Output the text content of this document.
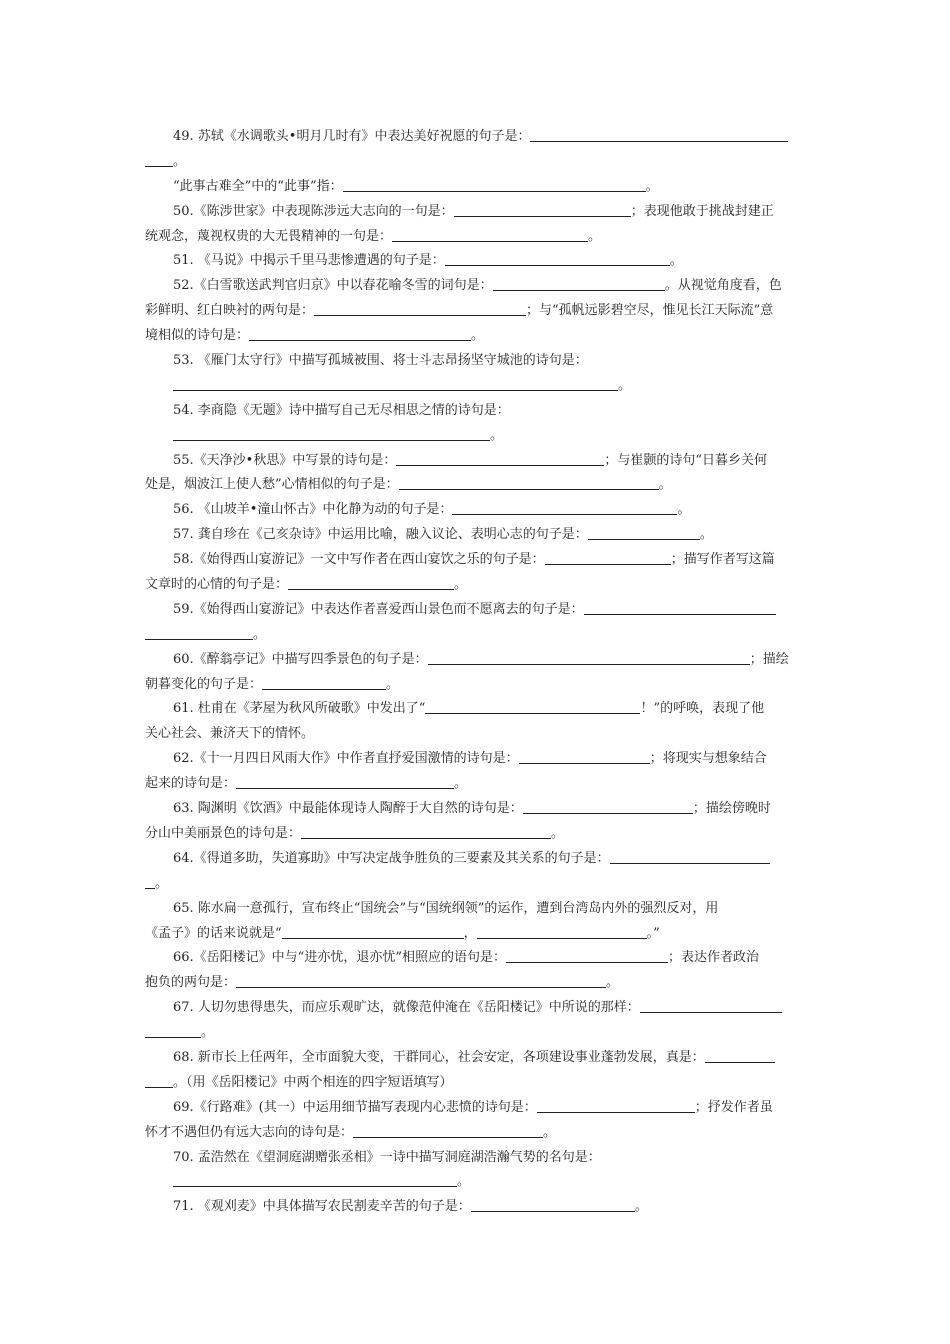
49. 苏轼《水调歌头•明月几时有》中表达美好祝愿的句子是：
。
“此事古难全”中的“此事”指：	。
50.《陈涉世家》中表现陈涉远大志向的一句是：	；表现他敢于挑战封建正
统观念，蔑视权贵的大无畏精神的一句是：	。
51. 《马说》中揭示千里马悲惨遭遇的句子是：	。
52.《白雪歌送武判官归京》中以春花喻冬雪的词句是：	。从视觉角度看，色
彩鲜明、红白映衬的两句是：	；与“孤帆远影碧空尽，惟见长江天际流”意
境相似的诗句是：	。
53. 《雁门太守行》中描写孤城被围、将士斗志昂扬坚守城池的诗句是：
。
54. 李商隐《无题》诗中描写自己无尽相思之情的诗句是：
。
55.《天净沙•秋思》中写景的诗句是：	；与崔颢的诗句“日暮乡关何
处是，烟波江上使人愁”心情相似的句子是：	。
56. 《山坡羊•潼山怀古》中化静为动的句子是：	。
57. 龚自珍在《己亥杂诗》中运用比喻，融入议论、表明心志的句子是：	。
58.《始得西山宴游记》一文中写作者在西山宴饮之乐的句子是：	；描写作者写这篇
文章时的心情的句子是：	。
59.《始得西山宴游记》中表达作者喜爱西山景色而不愿离去的句子是：
。
60.《醉翁亭记》中描写四季景色的句子是：	；描绘
朝暮变化的句子是：	。
61. 杜甫在《茅屋为秋风所破歌》中发出了“	！”的呼唤，表现了他
关心社会、兼济天下的情怀。
62.《十一月四日风雨大作》中作者直抒爱国激情的诗句是：	；将现实与想象结合
起来的诗句是：	。
63. 陶渊明《饮酒》中最能体现诗人陶醉于大自然的诗句是：	；描绘傍晚时
分山中美丽景色的诗句是：	。
64.《得道多助，失道寡助》中写决定战争胜负的三要素及其关系的句子是：
。
65. 陈水扁一意孤行，宣布终止“国统会”与“国统纲领”的运作，遭到台湾岛内外的强烈反对，用
《孟子》的话来说就是“	，	。”
66.《岳阳楼记》中与“进亦忧，退亦忧”相照应的语句是：	；表达作者政治
抱负的两句是：	。
67. 人切勿患得患失，而应乐观旷达，就像范仲淹在《岳阳楼记》中所说的那样：
。
68. 新市长上任两年，全市面貌大变，干群同心，社会安定，各项建设事业蓬勃发展，真是：
。（用《岳阳楼记》中两个相连的四字短语填写）
69.《行路难》(其一）中运用细节描写表现内心悲愤的诗句是：	；抒发作者虽
怀才不遇但仍有远大志向的诗句是：	。
70. 孟浩然在《望洞庭湖赠张丞相》一诗中描写洞庭湖浩瀚气势的名句是：
。
71. 《观刈麦》中具体描写农民割麦辛苦的句子是：	。
